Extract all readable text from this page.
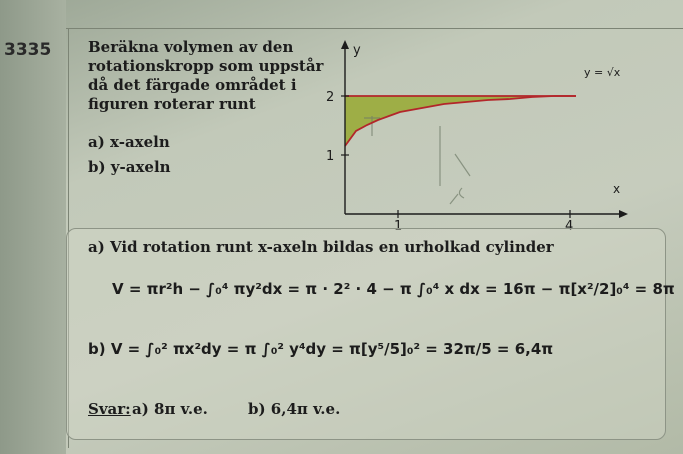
3335 Beräkna volymen av den
rotationskropp som uppstår
då det färgade området i
figuren roterar runt
a) x-axeln
b) y-axeln
y
x
y = √x
2
1
1	4
a) Vid rotation runt x-axeln bildas en urholkad cylinder
V = πr²h − ∫₀⁴ πy²dx = π · 2² · 4 − π ∫₀⁴ x dx = 16π − π[x²/2]₀⁴ = 8π
b) V = ∫₀² πx²dy = π ∫₀² y⁴dy = π[y⁵/5]₀² = 32π/5 = 6,4π
Svar: a) 8π v.e.	b) 6,4π v.e.
